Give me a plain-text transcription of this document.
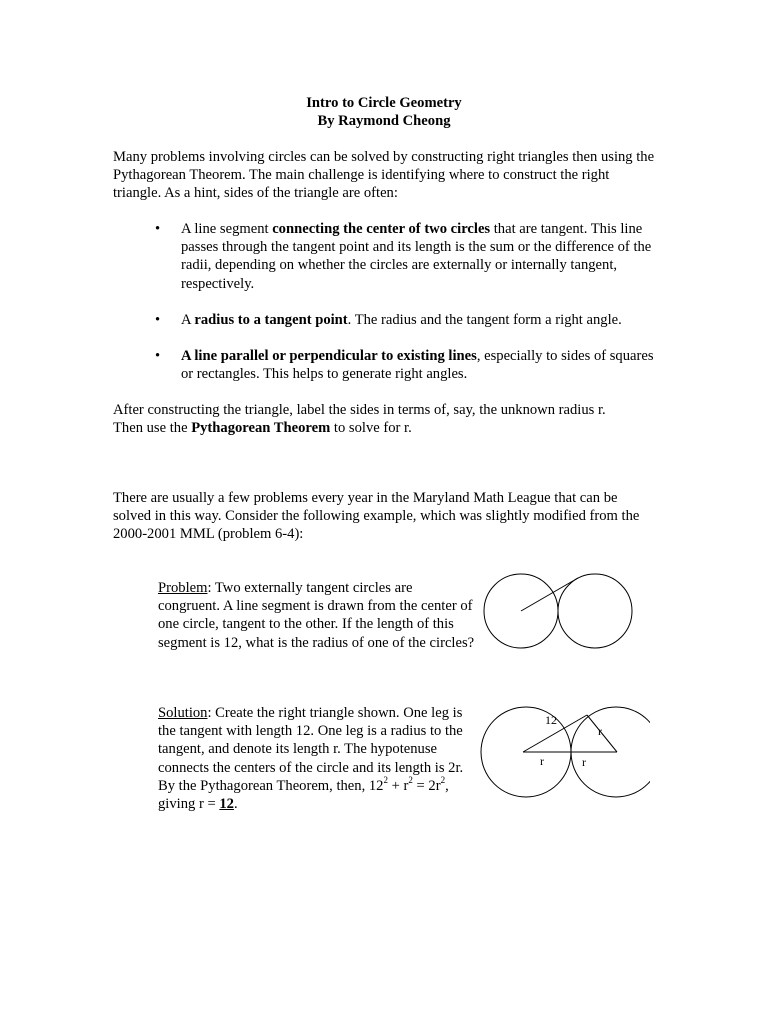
Intro to Circle Geometry
By Raymond Cheong
Many problems involving circles can be solved by constructing right triangles then using the Pythagorean Theorem. The main challenge is identifying where to construct the right triangle. As a hint, sides of the triangle are often:
• A line segment connecting the center of two circles that are tangent. This line passes through the tangent point and its length is the sum or the difference of the radii, depending on whether the circles are externally or internally tangent, respectively.
• A radius to a tangent point. The radius and the tangent form a right angle.
• A line parallel or perpendicular to existing lines, especially to sides of squares or rectangles. This helps to generate right angles.
After constructing the triangle, label the sides in terms of, say, the unknown radius r.
Then use the Pythagorean Theorem to solve for r.
There are usually a few problems every year in the Maryland Math League that can be solved in this way. Consider the following example, which was slightly modified from the 2000-2001 MML (problem 6-4):
Problem: Two externally tangent circles are congruent. A line segment is drawn from the center of one circle, tangent to the other. If the length of this segment is 12, what is the radius of one of the circles?
Solution: Create the right triangle shown. One leg is the tangent with length 12. One leg is a radius to the tangent, and denote its length r. The hypotenuse connects the centers of the circle and its length is 2r.
By the Pythagorean Theorem, then, $12^2 + r^2 = 2r^2$,
giving r = 12.
12
r
r	r
